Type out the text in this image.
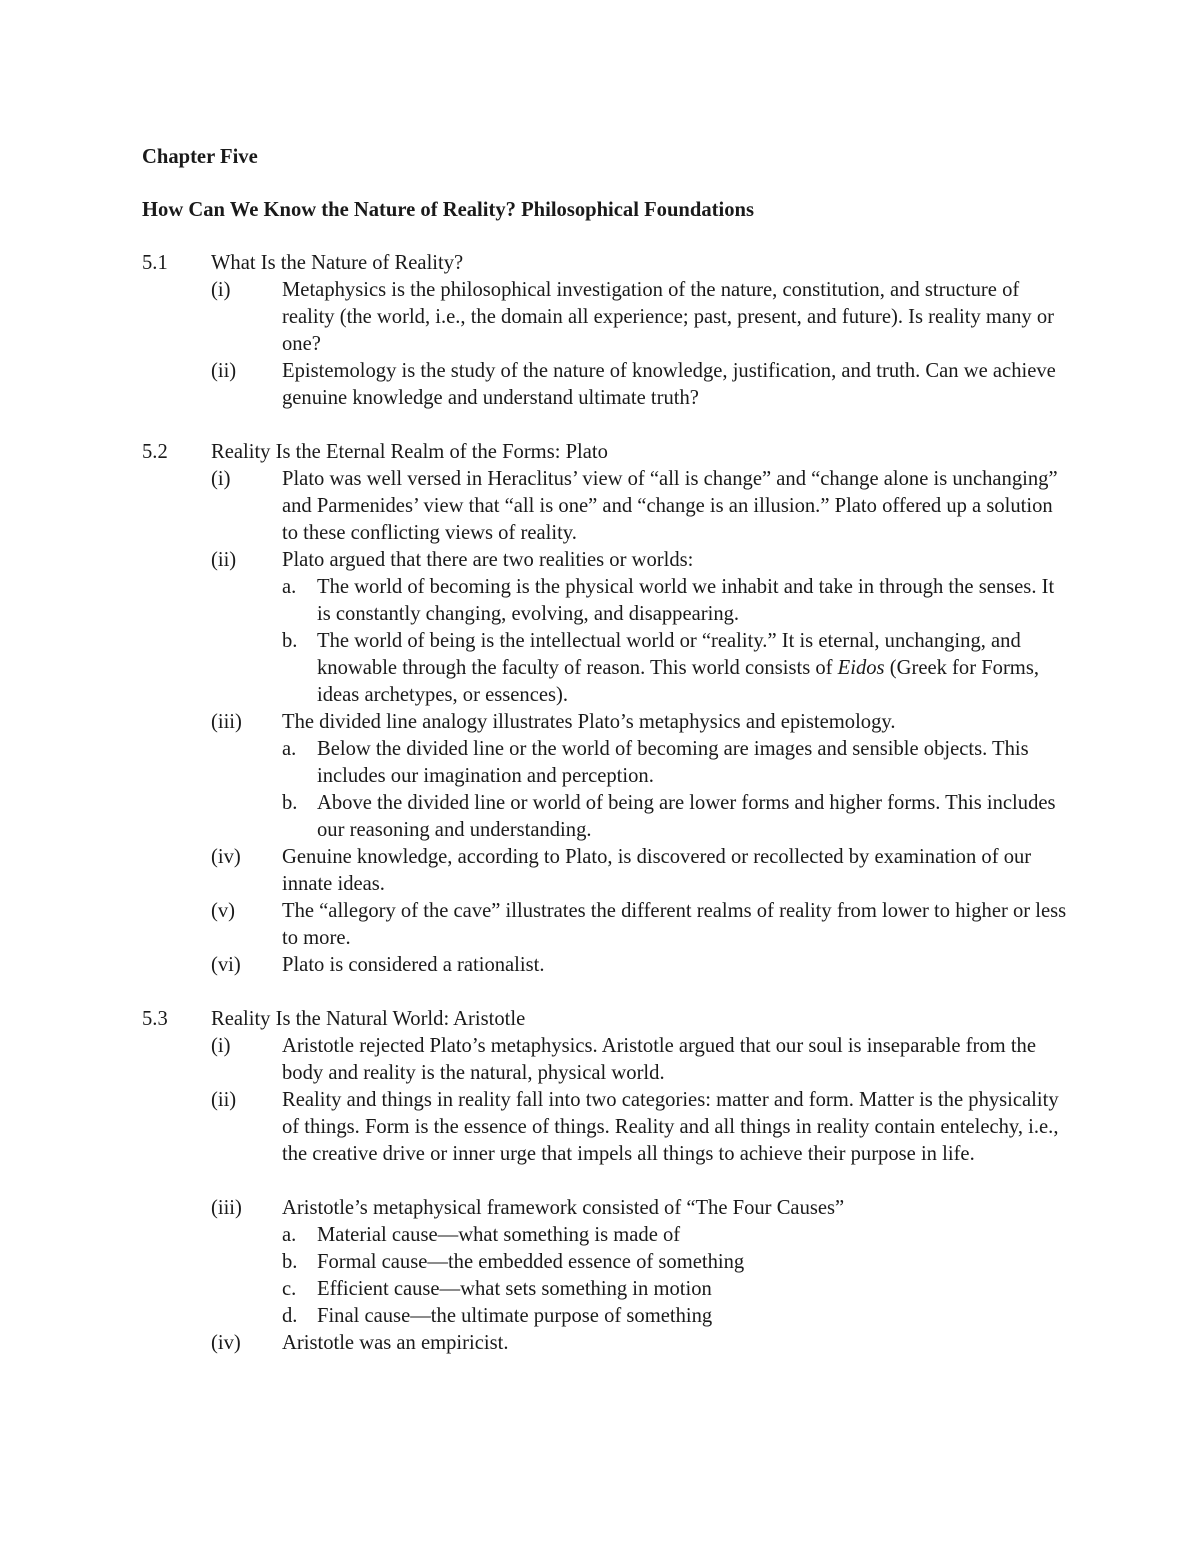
Chapter Five
How Can We Know the Nature of Reality? Philosophical Foundations
5.1	What Is the Nature of Reality?
(i)	Metaphysics is the philosophical investigation of the nature, constitution, and structure of reality (the world, i.e., the domain all experience; past, present, and future). Is reality many or one?
(ii)	Epistemology is the study of the nature of knowledge, justification, and truth. Can we achieve genuine knowledge and understand ultimate truth?
5.2	Reality Is the Eternal Realm of the Forms: Plato
(i)	Plato was well versed in Heraclitus’ view of “all is change” and “change alone is unchanging” and Parmenides’ view that “all is one” and “change is an illusion.” Plato offered up a solution to these conflicting views of reality.
(ii)	Plato argued that there are two realities or worlds:
a.	The world of becoming is the physical world we inhabit and take in through the senses. It is constantly changing, evolving, and disappearing.
b. The world of being is the intellectual world or “reality.” It is eternal, unchanging, and knowable through the faculty of reason. This world consists of Eidos (Greek for Forms, ideas archetypes, or essences).
(iii)	The divided line analogy illustrates Plato’s metaphysics and epistemology.
a.	Below the divided line or the world of becoming are images and sensible objects. This includes our imagination and perception.
b. Above the divided line or world of being are lower forms and higher forms. This includes our reasoning and understanding.
(iv)	Genuine knowledge, according to Plato, is discovered or recollected by examination of our innate ideas.
(v)	The “allegory of the cave” illustrates the different realms of reality from lower to higher or less to more.
(vi)	Plato is considered a rationalist.
5.3	Reality Is the Natural World: Aristotle
(i)	Aristotle rejected Plato’s metaphysics. Aristotle argued that our soul is inseparable from the body and reality is the natural, physical world.
(ii)	Reality and things in reality fall into two categories: matter and form. Matter is the physicality of things. Form is the essence of things. Reality and all things in reality contain entelechy, i.e., the creative drive or inner urge that impels all things to achieve their purpose in life.
(iii)	Aristotle’s metaphysical framework consisted of “The Four Causes”
a.	Material cause—what something is made of
b. Formal cause—the embedded essence of something
c.	Efficient cause—what sets something in motion
d. Final cause—the ultimate purpose of something
(iv)	Aristotle was an empiricist.
